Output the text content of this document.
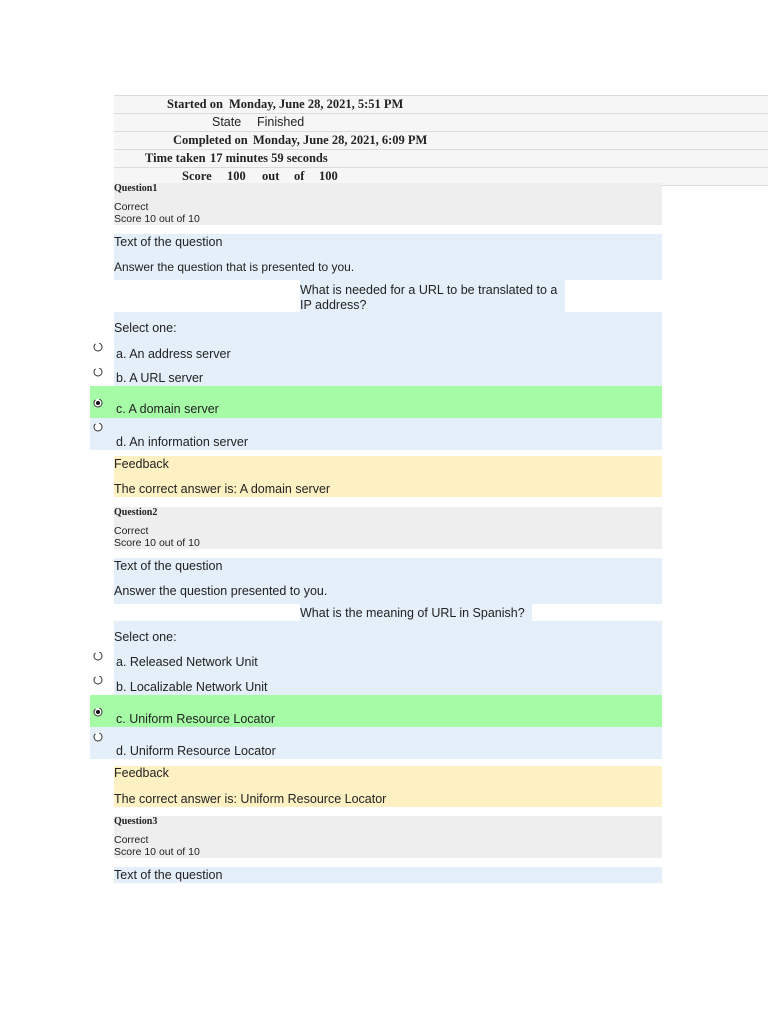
Started on Monday, June 28, 2021, 5:51 PM
State Finished
Completed on Monday, June 28, 2021, 6:09 PM
Time taken 17 minutes 59 seconds
Score 100 out of 100
Question1
Correct
Score 10 out of 10
Text of the question
Answer the question that is presented to you.
What is needed for a URL to be translated to a
IP address?
Select one:
a. An address server
b. A URL server
c. A domain server
d. An information server
Feedback
The correct answer is: A domain server
Question2
Correct
Score 10 out of 10
Text of the question
Answer the question presented to you.
What is the meaning of URL in Spanish?
Select one:
a. Released Network Unit
b. Localizable Network Unit
c. Uniform Resource Locator
d. Uniform Resource Locator
Feedback
The correct answer is: Uniform Resource Locator
Question3
Correct
Score 10 out of 10
Text of the question
